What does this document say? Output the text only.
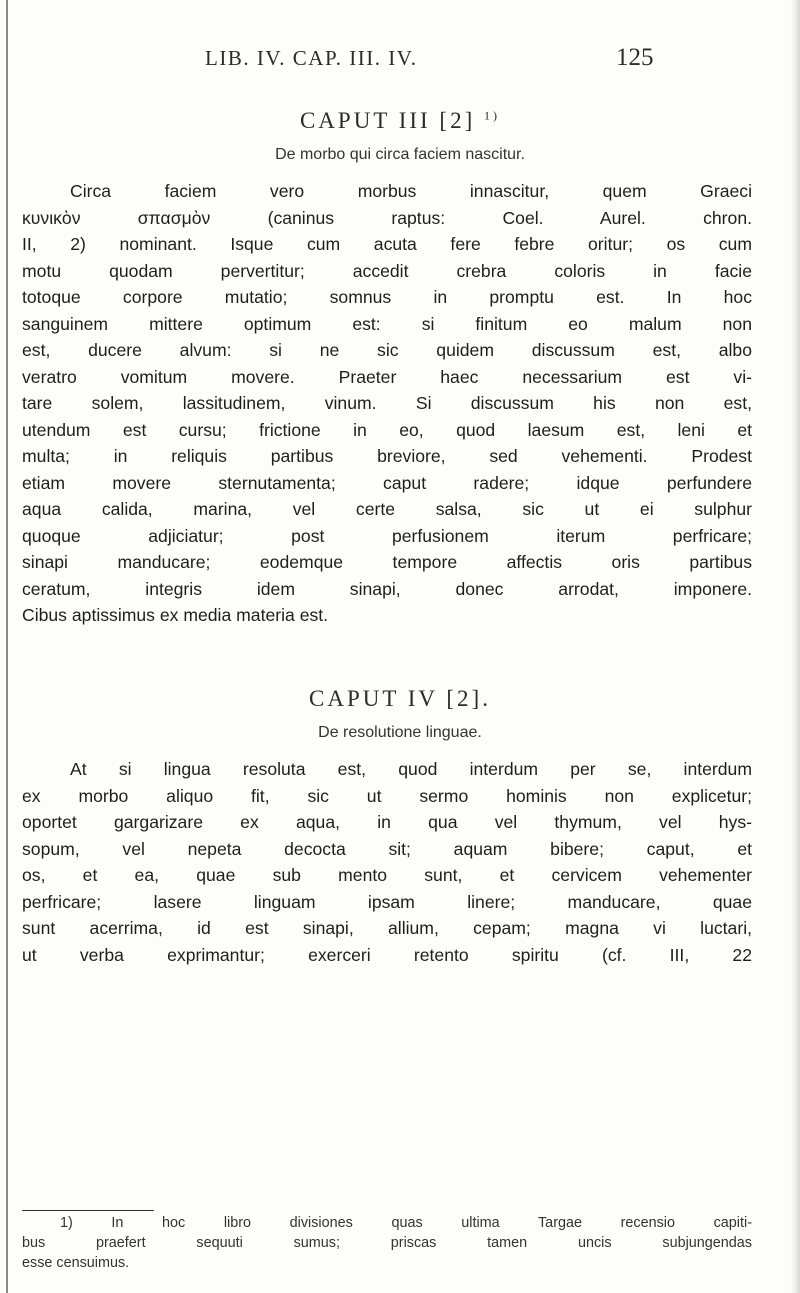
LIB. IV. CAP. III. IV.	125
CAPUT III [2] $^{1)}$
De morbo qui circa faciem nascitur.
Circa faciem vero morbus innascitur, quem Graeci
κυνικὸν σπασμὸν (caninus raptus: Coel. Aurel. chron.
II, 2) nominant. Isque cum acuta fere febre oritur; os cum
motu quodam pervertitur; accedit crebra coloris in facie
totoque corpore mutatio; somnus in promptu est. In hoc
sanguinem mittere optimum est: si finitum eo malum non
est, ducere alvum: si ne sic quidem discussum est, albo
veratro vomitum movere. Praeter haec necessarium est vi-
tare solem, lassitudinem, vinum. Si discussum his non est,
utendum est cursu; frictione in eo, quod laesum est, leni et
multa; in reliquis partibus breviore, sed vehementi. Prodest
etiam movere sternutamenta; caput radere; idque perfundere
aqua calida, marina, vel certe salsa, sic ut ei sulphur
quoque adjiciatur; post perfusionem iterum perfricare;
sinapi manducare; eodemque tempore affectis oris partibus
ceratum, integris idem sinapi, donec arrodat, imponere.
Cibus aptissimus ex media materia est.
CAPUT IV [2].
De resolutione linguae.
At si lingua resoluta est, quod interdum per se, interdum
ex morbo aliquo fit, sic ut sermo hominis non explicetur;
oportet gargarizare ex aqua, in qua vel thymum, vel hys-
sopum, vel nepeta decocta sit; aquam bibere; caput, et
os, et ea, quae sub mento sunt, et cervicem vehementer
perfricare; lasere linguam ipsam linere; manducare, quae
sunt acerrima, id est sinapi, allium, cepam; magna vi luctari,
ut verba exprimantur; exerceri retento spiritu (cf. III, 22
1) In hoc libro divisiones quas ultima Targae recensio capiti-
bus praefert sequuti sumus; priscas tamen uncis subjungendas
esse censuimus.
